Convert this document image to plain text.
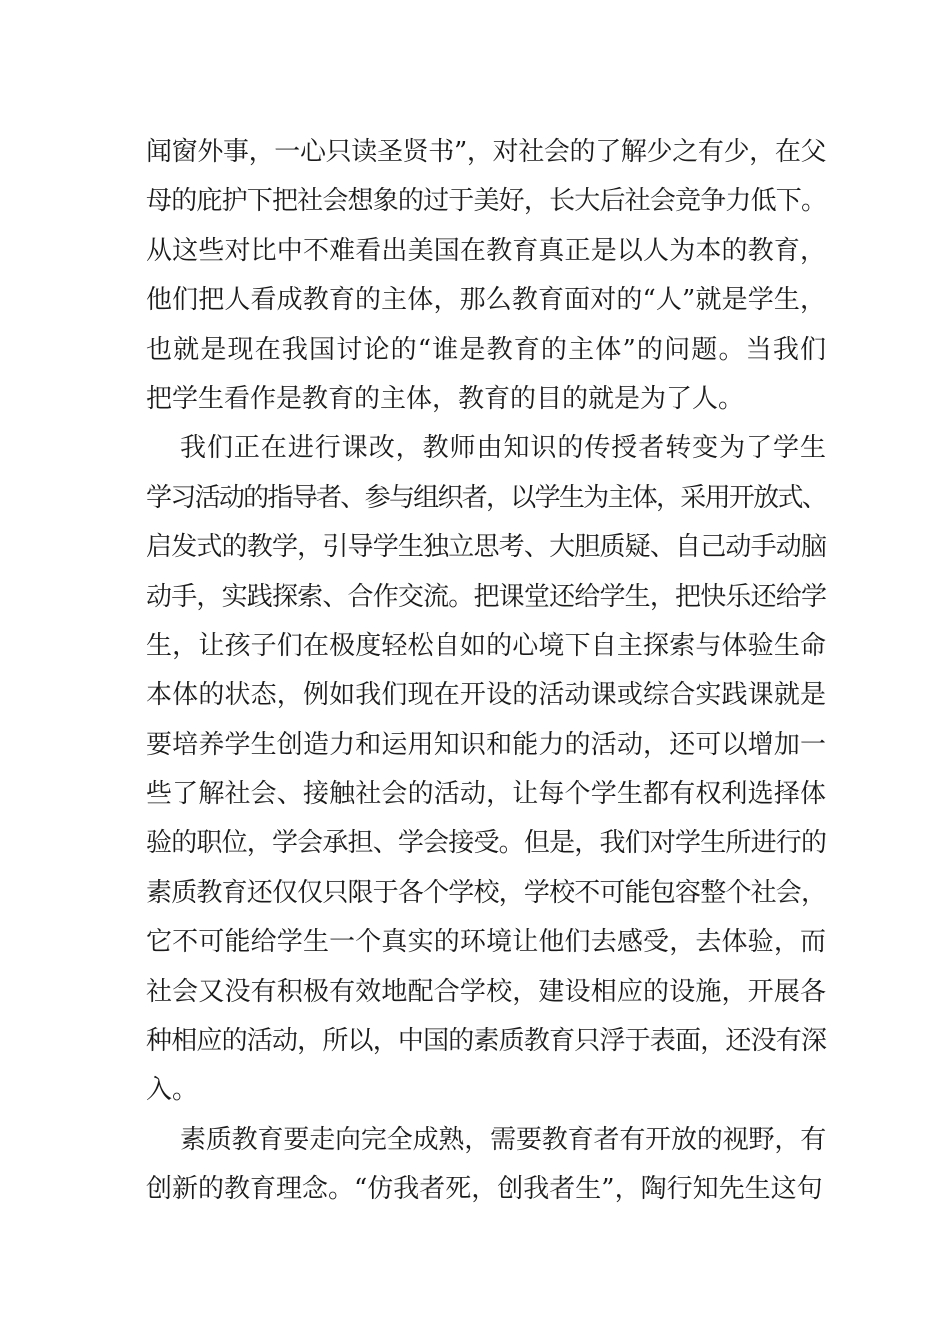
闻窗外事，一心只读圣贤书”，对社会的了解少之有少，在父
母的庇护下把社会想象的过于美好，长大后社会竞争力低下。
从这些对比中不难看出美国在教育真正是以人为本的教育，
他们把人看成教育的主体，那么教育面对的“人”就是学生，
也就是现在我国讨论的“谁是教育的主体”的问题。当我们
把学生看作是教育的主体，教育的目的就是为了人。
我们正在进行课改，教师由知识的传授者转变为了学生
学习活动的指导者、参与组织者，以学生为主体，采用开放式、
启发式的教学，引导学生独立思考、大胆质疑、自己动手动脑
动手，实践探索、合作交流。把课堂还给学生，把快乐还给学
生，让孩子们在极度轻松自如的心境下自主探索与体验生命
本体的状态，例如我们现在开设的活动课或综合实践课就是
要培养学生创造力和运用知识和能力的活动，还可以增加一
些了解社会、接触社会的活动，让每个学生都有权利选择体
验的职位，学会承担、学会接受。但是，我们对学生所进行的
素质教育还仅仅只限于各个学校，学校不可能包容整个社会，
它不可能给学生一个真实的环境让他们去感受，去体验，而
社会又没有积极有效地配合学校，建设相应的设施，开展各
种相应的活动，所以，中国的素质教育只浮于表面，还没有深
入。
素质教育要走向完全成熟，需要教育者有开放的视野，有
创新的教育理念。“仿我者死，创我者生”，陶行知先生这句
